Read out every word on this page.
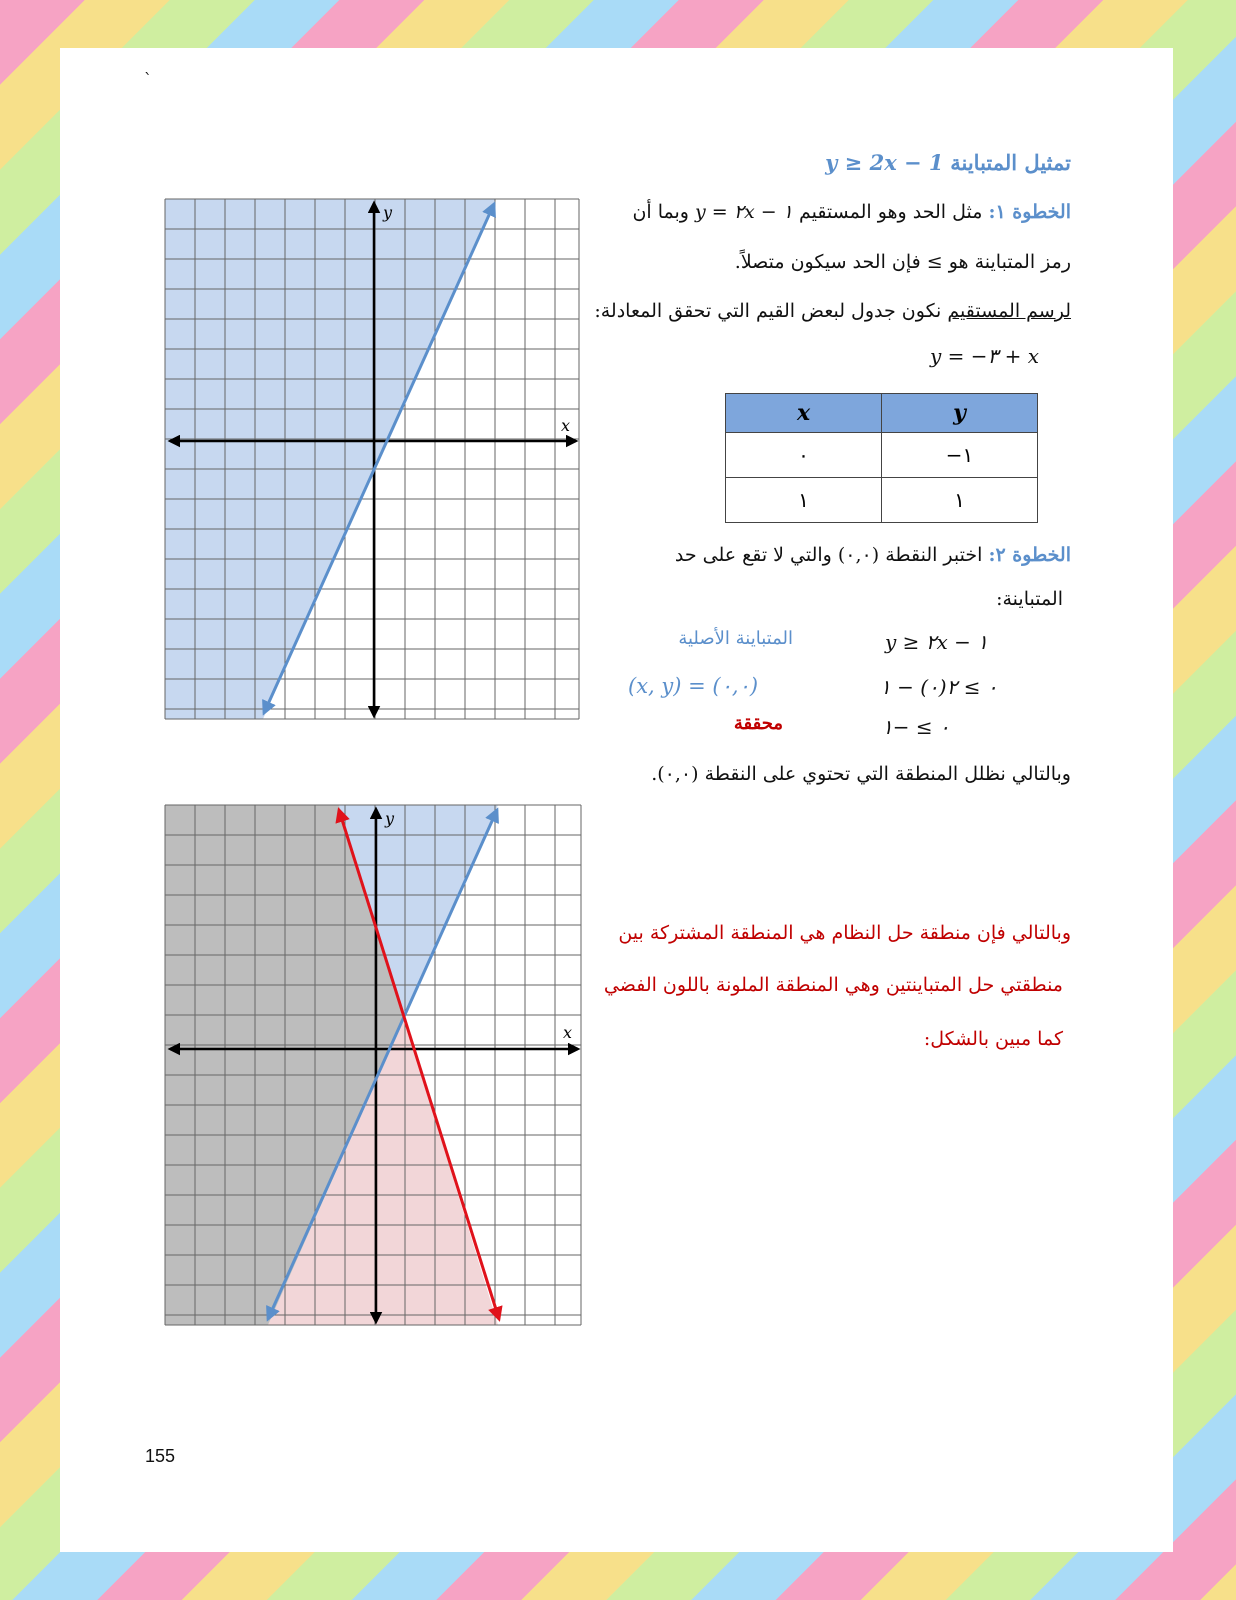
`
تمثيل المتباينة y ≥ 2x − 1
الخطوة ١: مثل الحد وهو المستقيم y = ٢x − ١ وبما أن
رمز المتباينة هو ≥ فإن الحد سيكون متصلاً.
لرسم المستقيم نكون جدول لبعض القيم التي تحقق المعادلة:
y = −٣ + x
x	y
٠	−١
١	١
الخطوة ٢: اختبر النقطة (٠,٠) والتي لا تقع على حد
المتباينة:
y ≥ ٢x − ١
المتباينة الأصلية
٠ ≥ ٢(٠) − ١
(x, y) = (٠,٠)
٠ ≥ −١
محققة
وبالتالي نظلل المنطقة التي تحتوي على النقطة (٠,٠).
وبالتالي فإن منطقة حل النظام هي المنطقة المشتركة بين
منطقتي حل المتباينتين وهي المنطقة الملونة باللون الفضي
كما مبين بالشكل:
x
y
x
y
155
